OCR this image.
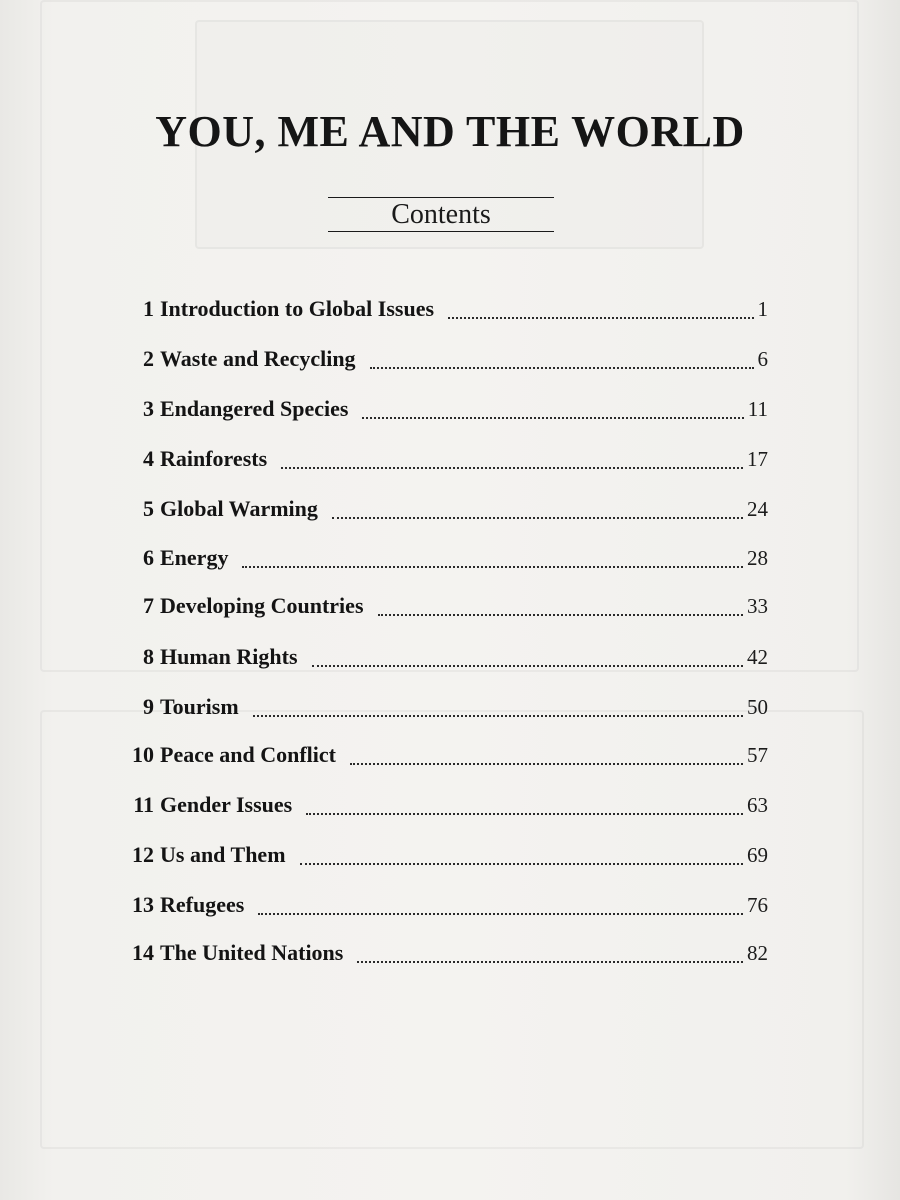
YOU, ME AND THE WORLD
Contents
1 Introduction to Global Issues	1
2 Waste and Recycling	6
3 Endangered Species	11
4 Rainforests	17
5 Global Warming	24
6 Energy	28
7 Developing Countries	33
8 Human Rights	42
9 Tourism	50
10 Peace and Conflict	57
11 Gender Issues	63
12 Us and Them	69
13 Refugees	76
14 The United Nations	82
